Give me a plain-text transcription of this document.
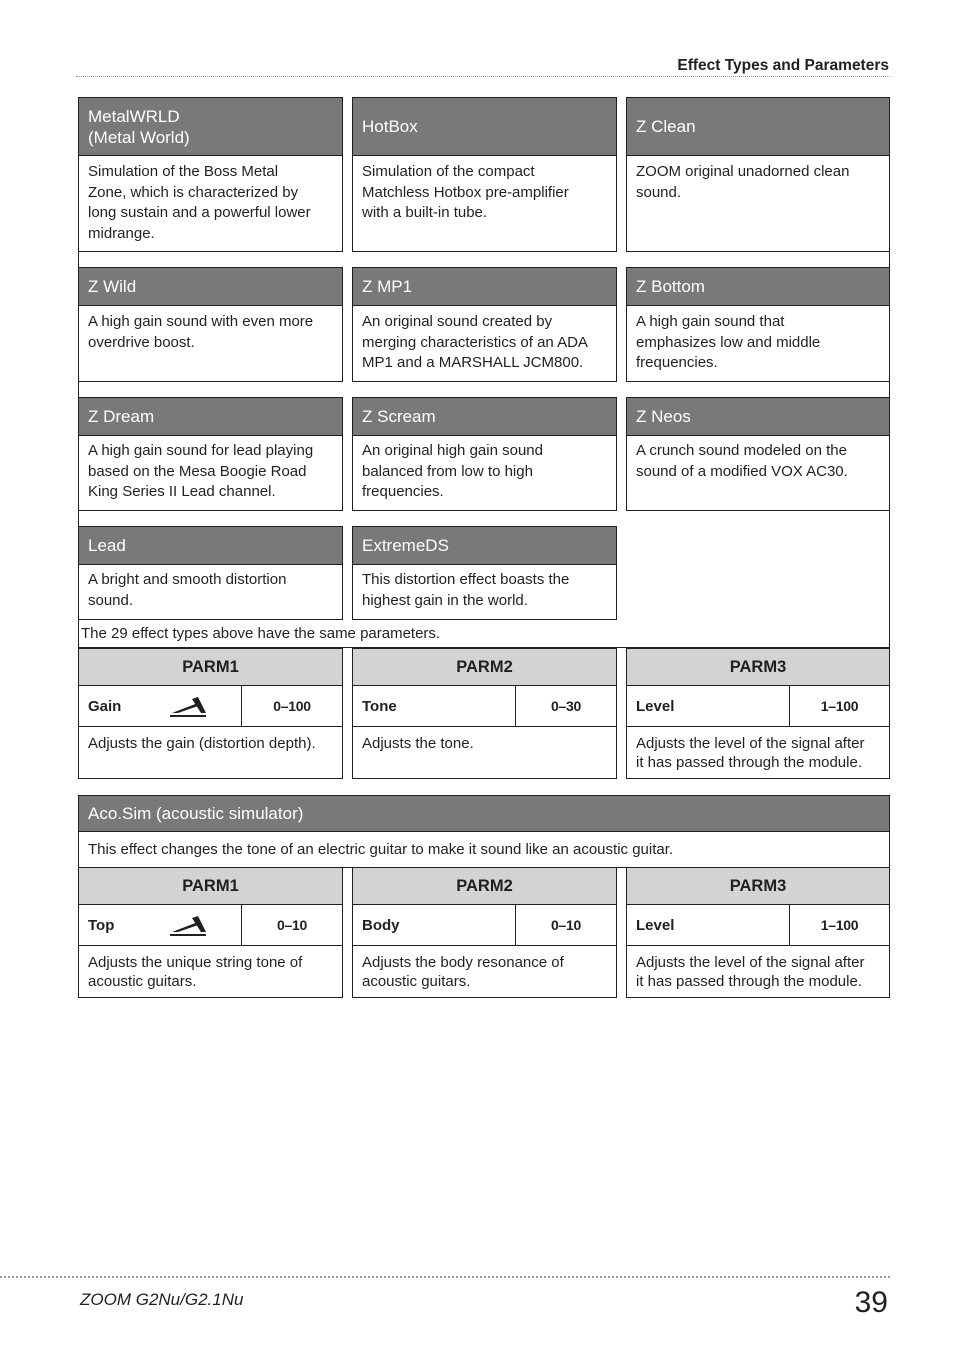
Effect Types and Parameters
MetalWRLD
(Metal World)
Simulation of the Boss Metal
Zone, which is characterized by
long sustain and a powerful lower
midrange.
HotBox
Simulation of the compact
Matchless Hotbox pre-amplifier
with a built-in tube.
Z Clean
ZOOM original unadorned clean
sound.
Z Wild
A high gain sound with even more
overdrive boost.
Z MP1
An original sound created by
merging characteristics of an ADA
MP1 and a MARSHALL JCM800.
Z Bottom
A high gain sound that
emphasizes low and middle
frequencies.
Z Dream
A high gain sound for lead playing
based on the Mesa Boogie Road
King Series II Lead channel.
Z Scream
An original high gain sound
balanced from low to high
frequencies.
Z Neos
A crunch sound modeled on the
sound of a modified VOX AC30.
Lead
A bright and smooth distortion
sound.
ExtremeDS
This distortion effect boasts the
highest gain in the world.
The 29 effect types above have the same parameters.
PARM1
Gain	0–100
Adjusts the gain (distortion depth).
PARM2
Tone	0–30
Adjusts the tone.
PARM3
Level	1–100
Adjusts the level of the signal after
it has passed through the module.
Aco.Sim (acoustic simulator)
This effect changes the tone of an electric guitar to make it sound like an acoustic guitar.
PARM1
Top	0–10
Adjusts the unique string tone of
acoustic guitars.
PARM2
Body	0–10
Adjusts the body resonance of
acoustic guitars.
PARM3
Level	1–100
Adjusts the level of the signal after
it has passed through the module.
ZOOM G2Nu/G2.1Nu	39
